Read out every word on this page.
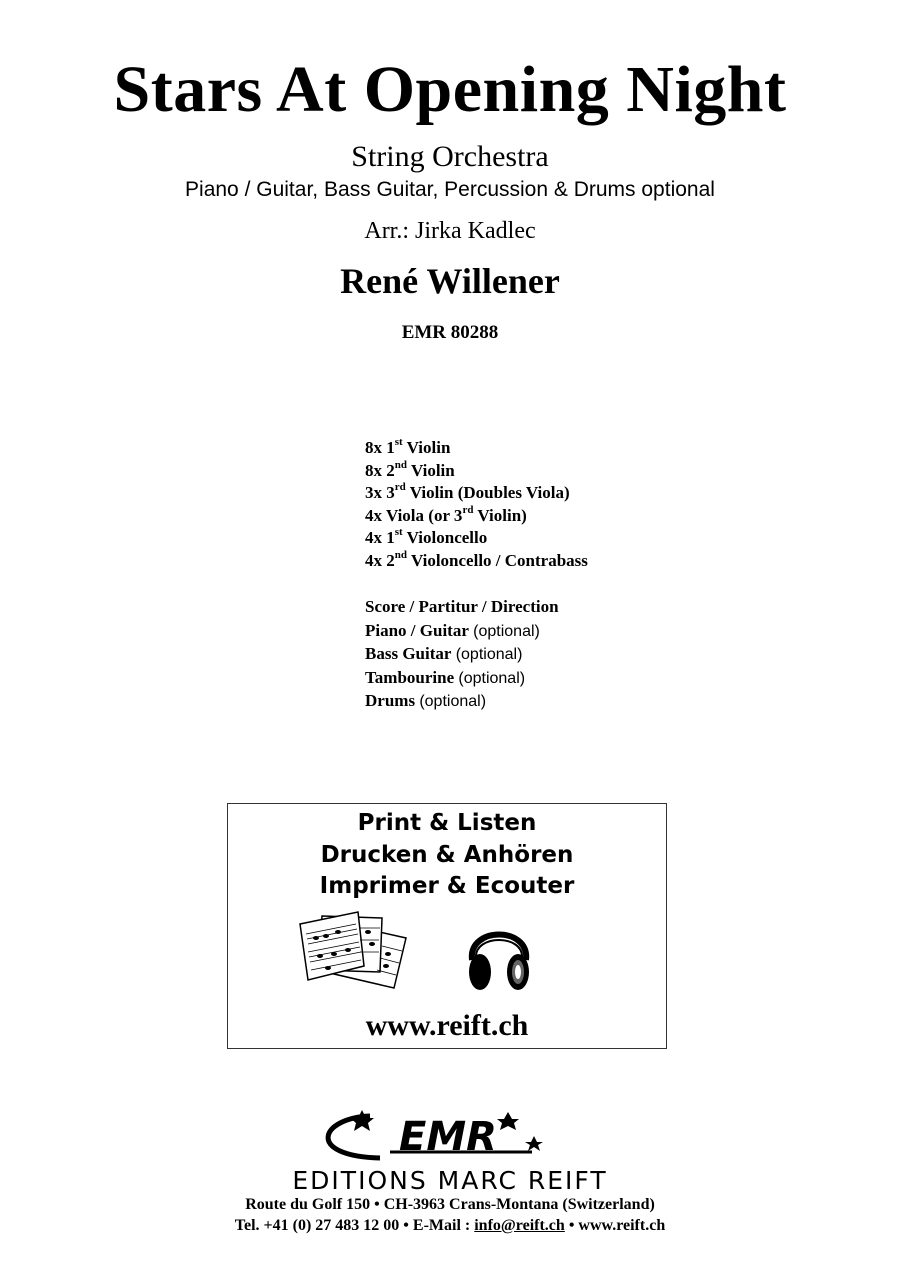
Stars At Opening Night
String Orchestra
Piano / Guitar, Bass Guitar, Percussion & Drums optional
Arr.: Jirka Kadlec
René Willener
EMR 80288
8x 1st Violin
8x 2nd Violin
3x 3rd Violin (Doubles Viola)
4x Viola (or 3rd Violin)
4x 1st Violoncello
4x 2nd Violoncello / Contrabass
Score / Partitur / Direction
Piano / Guitar (optional)
Bass Guitar (optional)
Tambourine (optional)
Drums (optional)
Print & Listen
Drucken & Anhören
Imprimer & Ecouter
www.reift.ch
EMR
EDITIONS MARC REIFT
Route du Golf 150 • CH-3963 Crans-Montana (Switzerland)
Tel. +41 (0) 27 483 12 00 • E-Mail : info@reift.ch • www.reift.ch
